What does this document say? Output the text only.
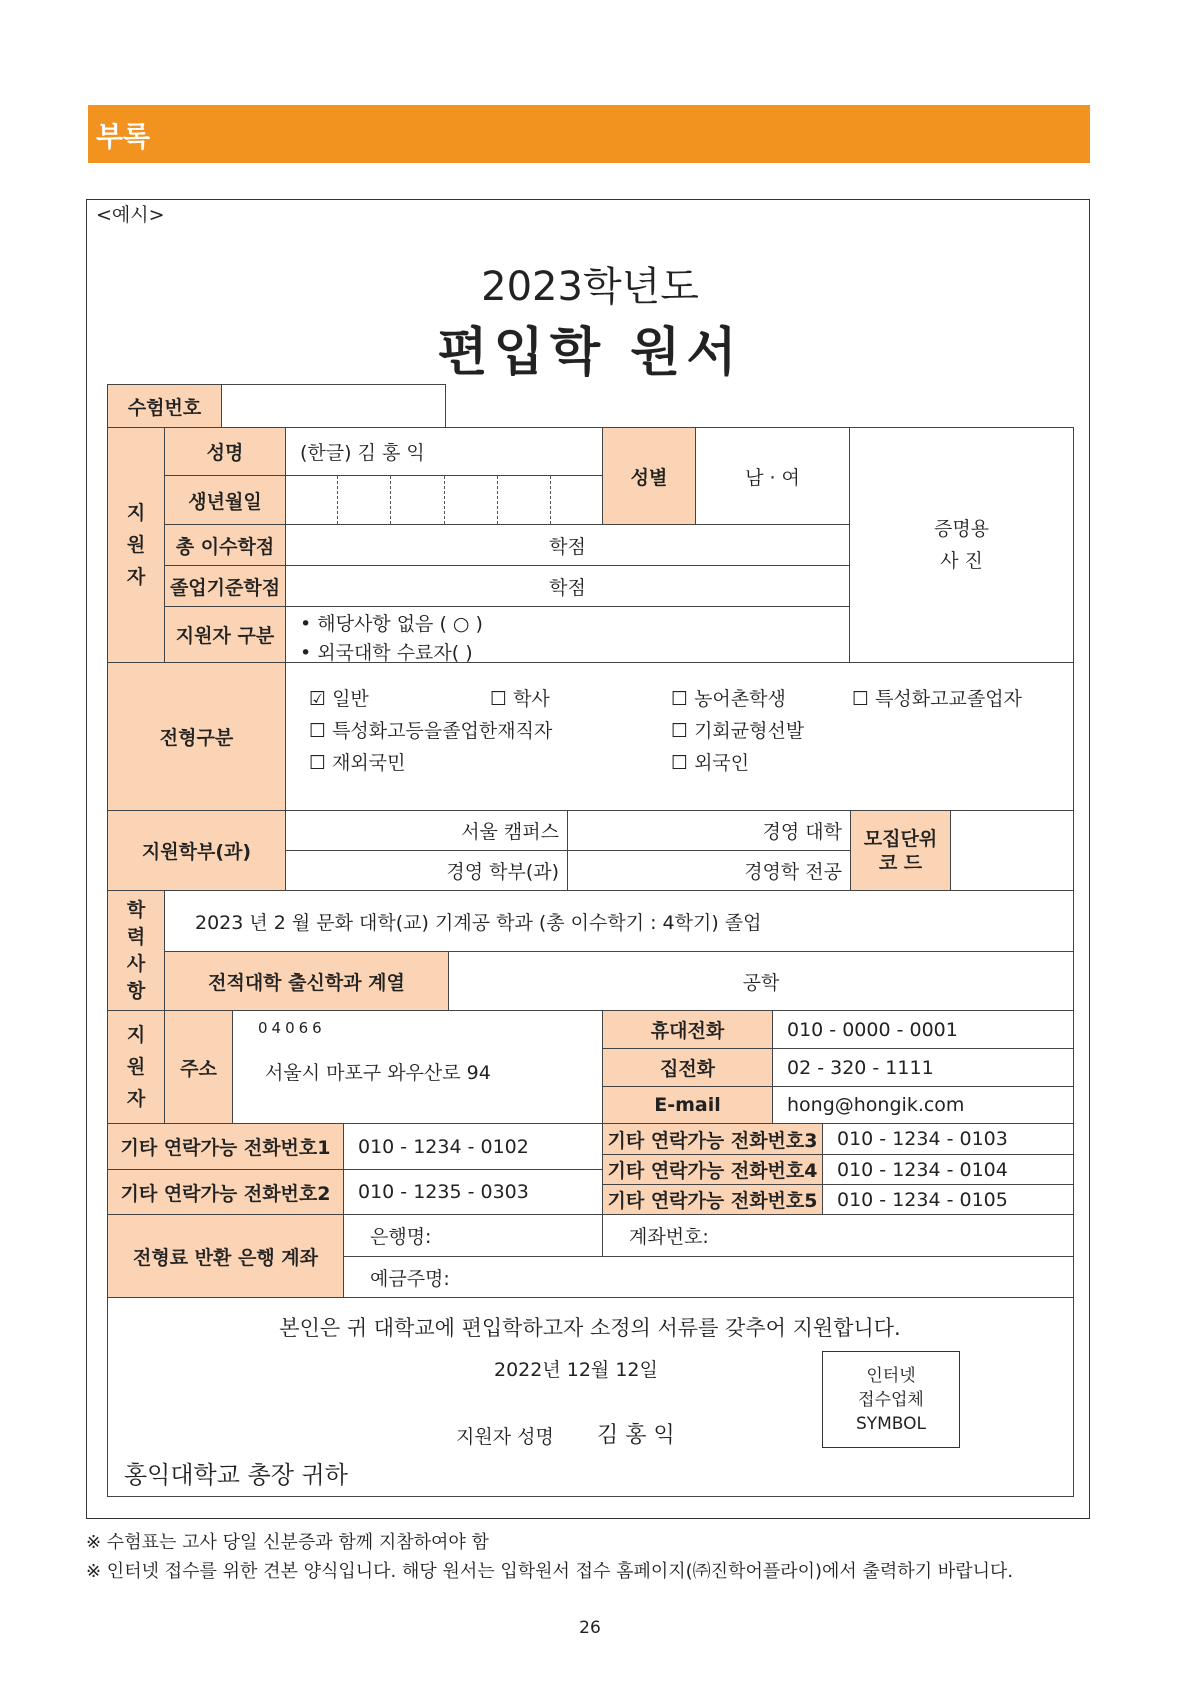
부록
<예시>
2023학년도
편입학 원서
수험번호
지
원
자
성명	(한글) 김 홍 익
성별	남 · 여
증명용
사 진
생년월일
총 이수학점	학점
졸업기준학점	학점
지원자 구분
• 해당사항 없음 ( ○ )
• 외국대학 수료자( )
전형구분
☑ 일반	☐ 학사	☐ 농어촌학생	☐ 특성화고교졸업자
☐ 특성화고등을졸업한재직자	☐ 기회균형선발
☐ 재외국민	☐ 외국인
지원학부(과)
서울 캠퍼스	경영 대학
경영 학부(과)	경영학 전공
모집단위
코 드
학
력
사
항
2023 년 2 월 문화 대학(교) 기계공 학과 (총 이수학기 : 4학기) 졸업
전적대학 출신학과 계열	공학
지
원
자
주소
04066
서울시 마포구 와우산로 94
휴대전화	010 - 0000 - 0001
집전화	02 - 320 - 1111
E-mail	hong@hongik.com
기타 연락가능 전화번호1	010 - 1234 - 0102
기타 연락가능 전화번호2	010 - 1235 - 0303
기타 연락가능 전화번호3	010 - 1234 - 0103
기타 연락가능 전화번호4	010 - 1234 - 0104
기타 연락가능 전화번호5	010 - 1234 - 0105
전형료 반환 은행 계좌
은행명:	계좌번호:
예금주명:
본인은 귀 대학교에 편입학하고자 소정의 서류를 갖추어 지원합니다.
2022년 12월 12일
지원자 성명 김 홍 익
홍익대학교 총장 귀하
인터넷
접수업체
SYMBOL
※ 수험표는 고사 당일 신분증과 함께 지참하여야 함
※ 인터넷 접수를 위한 견본 양식입니다. 해당 원서는 입학원서 접수 홈페이지(㈜진학어플라이)에서 출력하기 바랍니다.
26
